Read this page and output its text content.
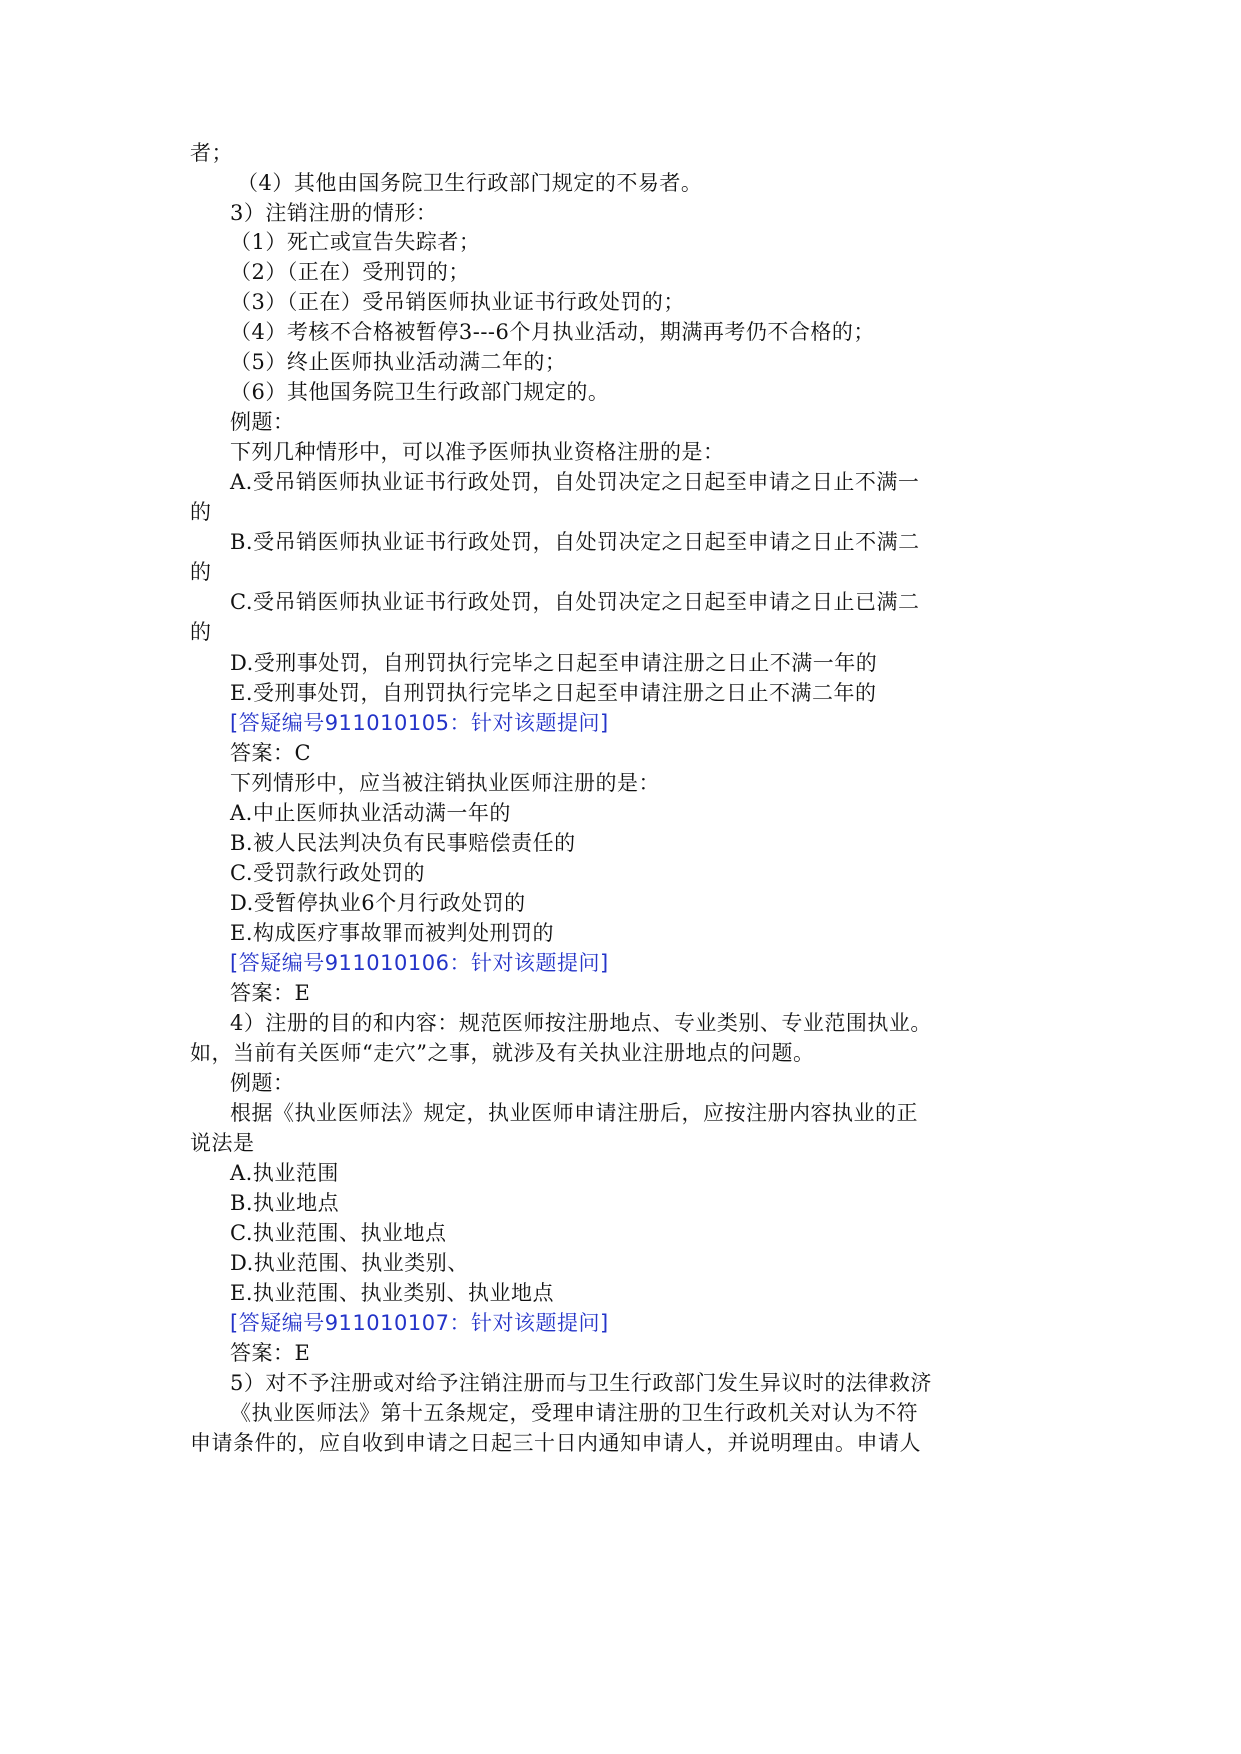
者；
（4）其他由国务院卫生行政部门规定的不易者。
3）注销注册的情形：
（1）死亡或宣告失踪者；
（2）（正在）受刑罚的；
（3）（正在）受吊销医师执业证书行政处罚的；
（4）考核不合格被暂停3---6个月执业活动，期满再考仍不合格的；
（5）终止医师执业活动满二年的；
（6）其他国务院卫生行政部门规定的。
例题：
下列几种情形中，可以准予医师执业资格注册的是：
A.受吊销医师执业证书行政处罚，自处罚决定之日起至申请之日止不满一
的
B.受吊销医师执业证书行政处罚，自处罚决定之日起至申请之日止不满二
的
C.受吊销医师执业证书行政处罚，自处罚决定之日起至申请之日止已满二
的
D.受刑事处罚，自刑罚执行完毕之日起至申请注册之日止不满一年的
E.受刑事处罚，自刑罚执行完毕之日起至申请注册之日止不满二年的
[答疑编号911010105：针对该题提问]
答案：C
下列情形中，应当被注销执业医师注册的是：
A.中止医师执业活动满一年的
B.被人民法判决负有民事赔偿责任的
C.受罚款行政处罚的
D.受暂停执业6个月行政处罚的
E.构成医疗事故罪而被判处刑罚的
[答疑编号911010106：针对该题提问]
答案：E
4）注册的目的和内容：规范医师按注册地点、专业类别、专业范围执业。
如，当前有关医师“走穴”之事，就涉及有关执业注册地点的问题。
例题：
根据《执业医师法》规定，执业医师申请注册后，应按注册内容执业的正
说法是
A.执业范围
B.执业地点
C.执业范围、执业地点
D.执业范围、执业类别、
E.执业范围、执业类别、执业地点
[答疑编号911010107：针对该题提问]
答案：E
5）对不予注册或对给予注销注册而与卫生行政部门发生异议时的法律救济
《执业医师法》第十五条规定，受理申请注册的卫生行政机关对认为不符
申请条件的，应自收到申请之日起三十日内通知申请人，并说明理由。申请人
